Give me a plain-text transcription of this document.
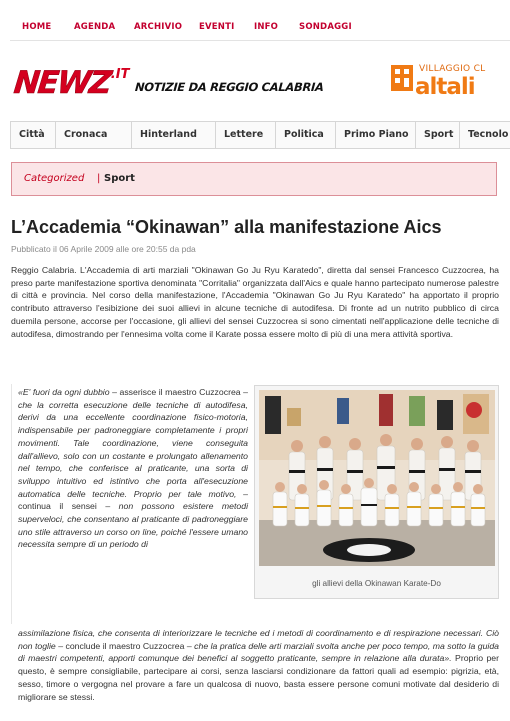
HOME	AGENDA ARCHIVIO EVENTI INFO SONDAGGI
NEWZ .IT
NOTIZIE DA REGGIO CALABRIA
VILLAGGIO CL
altali
Città	Cronaca	Hinterland	Lettere	Politica	Primo Piano	Sport	Tecnolo
Categorized | Sport
L’Accademia “Okinawan” alla manifestazione Aics
Pubblicato il 06 Aprile 2009 alle ore 20:55 da pda

Reggio Calabria. L'Accademia di arti marziali "Okinawan Go Ju Ryu Karatedo", diretta dal sensei Francesco Cuzzocrea, ha preso parte manifestazione sportiva denominata "Corritalia" organizzata dall'Aics e quale hanno partecipato numerose palestre di città e provincia. Nel corso della manifestazione, l'Accademia "Okinawan Go Ju Ryu Karatedo" ha apportato il proprio contributo attraverso l'esibizione dei suoi allievi in alcune tecniche di autodifesa. Di fronte ad un nutrito pubblico di circa duemila persone, accorse per l'occasione, gli allievi del sensei Cuzzocrea si sono cimentati nell'applicazione delle tecniche di autodifesa, dimostrando per l'ennesima volta come il Karate possa essere molto di più di una mera attività sportiva.

«E' fuori da ogni dubbio – asserisce il maestro Cuzzocrea – che la corretta esecuzione delle tecniche di autodifesa, derivi da una eccellente coordinazione fisico-motoria, indispensabile per padroneggiare completamente i propri movimenti. Tale coordinazione, viene conseguita dall'allievo, solo con un costante e prolungato allenamento nel tempo, che conferisce al praticante, una sorta di sviluppo intuitivo ed istintivo che porta all'esecuzione automatica delle tecniche. Proprio per tale motivo, – continua il sensei – non possono esistere metodi superveloci, che consentano al praticante di padroneggiare uno stile attraverso un corso on line, poiché l'essere umano necessita sempre di un periodo di

gli allievi della Okinawan Karate-Do

assimilazione fisica, che consenta di interiorizzare le tecniche ed i metodi di coordinamento e di respirazione necessari. Ciò non toglie – conclude il maestro Cuzzocrea – che la pratica delle arti marziali svolta anche per poco tempo, ma sotto la guida di maestri competenti, apporti comunque dei benefici al soggetto praticante, sempre in relazione alla durata». Proprio per questo, è sempre consigliabile, partecipare ai corsi, senza lasciarsi condizionare da fattori quali ad esempio: pigrizia, età, sesso, timore o vergogna nel provare a fare un qualcosa di nuovo, basta essere persone comuni motivate dal desiderio di migliorare se stessi.
